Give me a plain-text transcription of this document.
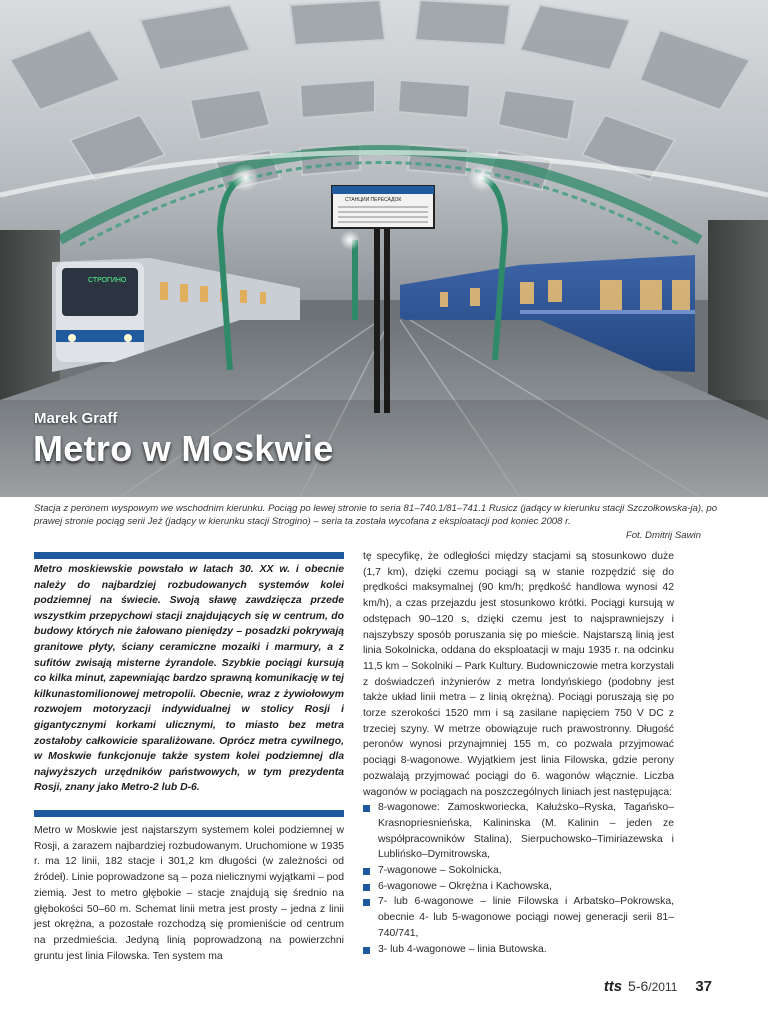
СТРОГИНО
СТАНЦИИ ПЕРЕСАДОК
Marek Graff
Metro w Moskwie
Stacja z peronem wyspowym we wschodnim kierunku. Pociąg po lewej stronie to seria 81–740.1/81–741.1 Rusicz (jadący w kierunku stacji Szczołkowska-ja), po prawej stronie pociąg serii Jeż (jadący w kierunku stacji Strogino) – seria ta została wycofana z eksploatacji pod koniec 2008 r.
Fot. Dmitrij Sawin
Metro moskiewskie powstało w latach 30. XX w. i obecnie należy do najbardziej rozbudowanych systemów kolei podziemnej na świecie. Swoją sławę zawdzięcza przede wszystkim przepychowi stacji znajdujących się w centrum, do budowy których nie żałowano pieniędzy – posadzki pokrywają granitowe płyty, ściany ceramiczne mozaiki i marmury, a z sufitów zwisają misterne żyrandole. Szybkie pociągi kursują co kilka minut, zapewniając bardzo sprawną komunikację w tej kilkunastomilionowej metropolii. Obecnie, wraz z żywiołowym rozwojem motoryzacji indywidualnej w stolicy Rosji i gigantycznymi korkami ulicznymi, to miasto bez metra zostałoby całkowicie sparaliżowane. Oprócz metra cywilnego, w Moskwie funkcjonuje także system kolei podziemnej dla najwyższych urzędników państwowych, w tym prezydenta Rosji, znany jako Metro-2 lub D-6.

Metro w Moskwie jest najstarszym systemem kolei podziemnej w Rosji, a zarazem najbardziej rozbudowanym. Uruchomione w 1935 r. ma 12 linii, 182 stacje i 301,2 km długości (w zależności od źródeł). Linie poprowadzone są – poza nielicznymi wyjątkami – pod ziemią. Jest to metro głębokie – stacje znajdują się średnio na głębokości 50–60 m. Schemat linii metra jest prosty – jedna z linii jest okrężna, a pozostałe rozchodzą się promieniście od centrum na przedmieścia. Jedyną linią poprowadzoną na powierzchni gruntu jest linia Filowska. Ten system ma

tę specyfikę, że odległości między stacjami są stosunkowo duże (1,7 km), dzięki czemu pociągi są w stanie rozpędzić się do prędkości maksymalnej (90 km/h; prędkość handlowa wynosi 42 km/h), a czas przejazdu jest stosunkowo krótki. Pociągi kursują w odstępach 90–120 s, dzięki czemu jest to najsprawniejszy i najszybszy sposób poruszania się po mieście. Najstarszą linią jest linia Sokolnicka, oddana do eksploatacji w maju 1935 r. na odcinku 11,5 km – Sokolniki – Park Kultury. Budowniczowie metra korzystali z doświadczeń inżynierów z metra londyńskiego (podobny jest także układ linii metra – z linią okrężną). Pociągi poruszają się po torze szerokości 1520 mm i są zasilane napięciem 750 V DC z trzeciej szyny. W metrze obowiązuje ruch prawostronny. Długość peronów wynosi przynajmniej 155 m, co pozwala przyjmować pociągi 8-wagonowe. Wyjątkiem jest linia Filowska, gdzie perony pozwalają przyjmować pociągi do 6. wagonów włącznie. Liczba wagonów w pociągach na poszczególnych liniach jest następująca:

8-wagonowe: Zamoskworiecka, Kałużsko–Ryska, Tagańsko–Krasnopriesnieńska, Kalininska (M. Kalinin – jeden ze współpracowników Stalina), Sierpuchowsko–Timiriazewska i Lublińsko–Dymitrowska,
7-wagonowe – Sokolnicka,
6-wagonowe – Okrężna i Kachowska,
7- lub 6-wagonowe – linie Filowska i Arbatsko–Pokrowska, obecnie 4- lub 5-wagonowe pociągi nowej generacji serii 81–740/741,
3- lub 4-wagonowe – linia Butowska.
tts 5-6/2011 37
